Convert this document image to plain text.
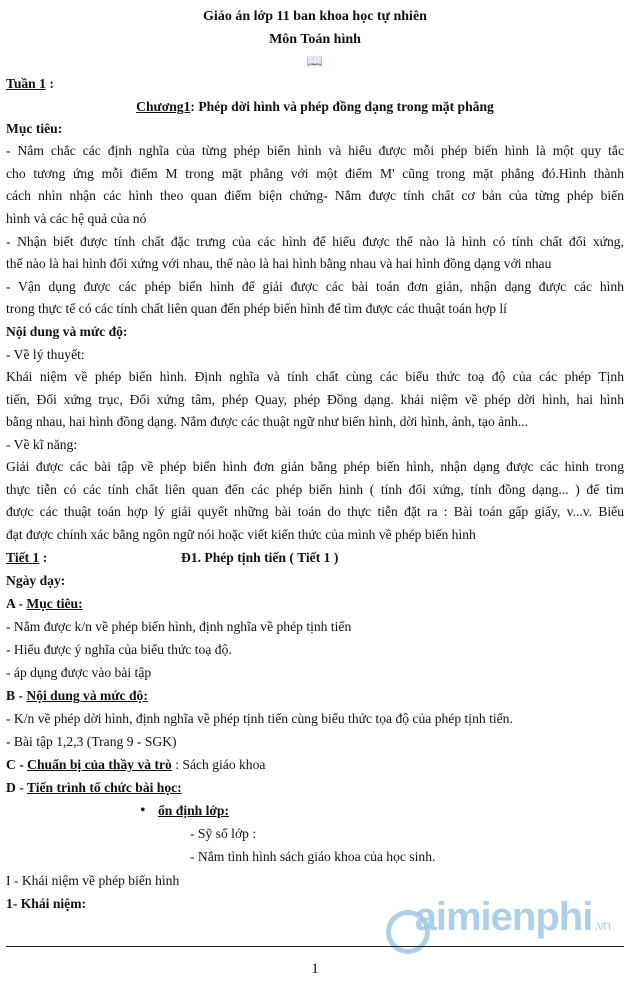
Giáo án lớp 11 ban khoa học tự nhiên
Môn Toán hình
📖
Tuần 1 :
Chương1: Phép dời hình và phép đồng dạng trong mặt phẳng
Mục tiêu:
- Nắm chắc các định nghĩa của từng phép biến hình và hiểu được mỗi phép biến hình là một quy tắc
cho tương ứng mỗi điểm M trong mặt phẳng với một điểm M' cũng trong mặt phẳng đó.Hình thành
cách nhìn nhận các hình theo quan điểm biện chứng- Nắm được tính chất cơ bản của từng phép biến
hình và các hệ quả của nó
- Nhận biết được tính chất đặc trưng của các hình để hiểu được thế nào là hình có tính chất đối xứng,
thế nào là hai hình đối xứng với nhau, thế nào là hai hình bằng nhau và hai hình đồng dạng với nhau
- Vận dụng được các phép biến hình để giải được các bài toán đơn giản, nhận dạng được các hình
trong thực tế có các tính chất liên quan đến phép biến hình để tìm được các thuật toán hợp lí
Nội dung và mức độ:
- Về lý thuyết:
Khái niệm về phép biến hình. Định nghĩa và tính chất cùng các biểu thức toạ độ của các phép Tịnh
tiến, Đối xứng trục, Đối xứng tâm, phép Quay, phép Đồng dạng. khái niệm về phép dời hình, hai hình
bằng nhau, hai hình đồng dạng. Nắm được các thuật ngữ như biến hình, dời hình, ảnh, tạo ảnh...
- Về kĩ năng:
Giải được các bài tập về phép biến hình đơn giản bằng phép biến hình, nhận dạng được các hình trong
thực tiễn có các tính chất liên quan đến các phép biến hình ( tính đối xứng, tính đồng dạng... ) để tìm
được các thuật toán hợp lý giải quyết những bài toán do thực tiễn đặt ra : Bài toán gấp giấy, v...v. Biểu
đạt được chính xác bằng ngôn ngữ nói hoặc viết kiến thức của mình về phép biến hình
Tiết 1 :	Đ1. Phép tịnh tiến ( Tiết 1 )
Ngày dạy:
A - Mục tiêu:
- Nắm được k/n về phép biến hình, định nghĩa về phép tịnh tiến
- Hiểu được ý nghĩa của biểu thức toạ độ.
- áp dụng được vào bài tập
B - Nội dung và mức độ:
- K/n về phép dời hình, định nghĩa về phép tịnh tiến cùng biểu thức tọa độ của phép tịnh tiến.
- Bài tập 1,2,3 (Trang 9 - SGK)
C - Chuẩn bị của thầy và trò : Sách giáo khoa
D - Tiến trình tổ chức bài học:
• ổn định lớp:
- Sỹ số lớp :
- Nắm tình hình sách giáo khoa của học sinh.
I - Khái niệm về phép biến hình
1- Khái niệm:	aimienphi .vn
1
